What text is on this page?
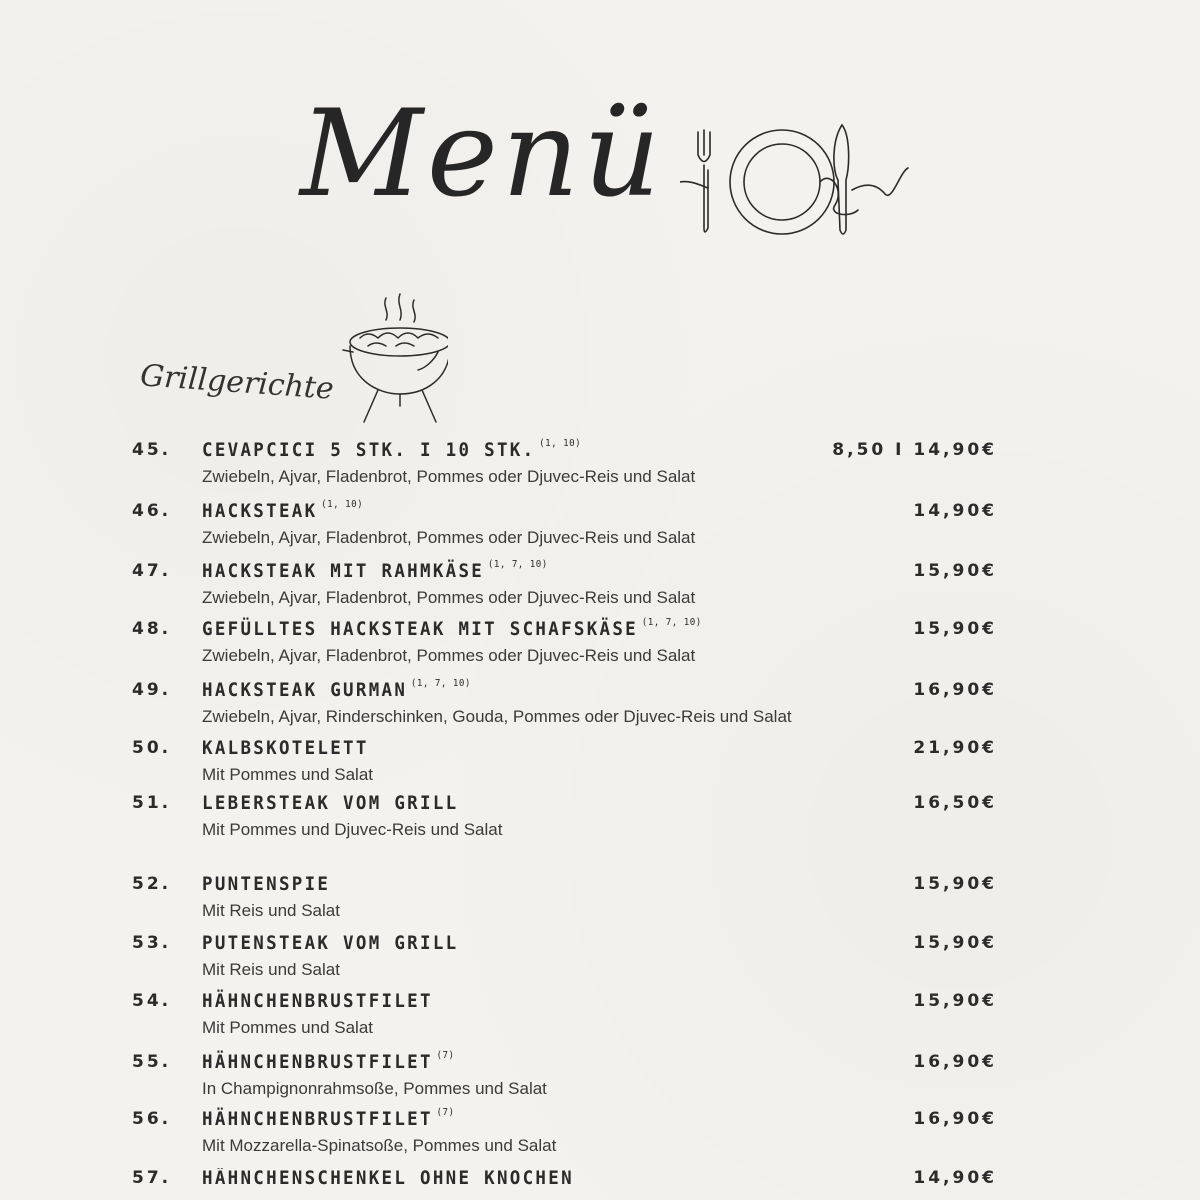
Menü
Grillgerichte
45. CEVAPCICI 5 STK. I 10 STK. $^{(1, 10)}$
Zwiebeln, Ajvar, Fladenbrot, Pommes oder Djuvec-Reis und Salat
8,50 I 14,90€
46. HACKSTEAK $^{(1, 10)}$
Zwiebeln, Ajvar, Fladenbrot, Pommes oder Djuvec-Reis und Salat
14,90€
47. HACKSTEAK MIT RAHMKÄSE $^{(1, 7, 10)}$
Zwiebeln, Ajvar, Fladenbrot, Pommes oder Djuvec-Reis und Salat
15,90€
48. GEFÜLLTES HACKSTEAK MIT SCHAFSKÄSE $^{(1, 7, 10)}$
Zwiebeln, Ajvar, Fladenbrot, Pommes oder Djuvec-Reis und Salat
15,90€
49. HACKSTEAK GURMAN $^{(1, 7, 10)}$
Zwiebeln, Ajvar, Rinderschinken, Gouda, Pommes oder Djuvec-Reis und Salat
16,90€
50. KALBSKOTELETT
Mit Pommes und Salat
21,90€
51. LEBERSTEAK VOM GRILL
Mit Pommes und Djuvec-Reis und Salat
16,50€
52. PUNTENSPIE
Mit Reis und Salat
15,90€
53. PUTENSTEAK VOM GRILL
Mit Reis und Salat
15,90€
54. HÄHNCHENBRUSTFILET
Mit Pommes und Salat
15,90€
55. HÄHNCHENBRUSTFILET $^{(7)}$
In Champignonrahmsoße, Pommes und Salat
16,90€
56. HÄHNCHENBRUSTFILET $^{(7)}$
Mit Mozzarella-Spinatsoße, Pommes und Salat
16,90€
57. HÄHNCHENSCHENKEL OHNE KNOCHEN	14,90€
